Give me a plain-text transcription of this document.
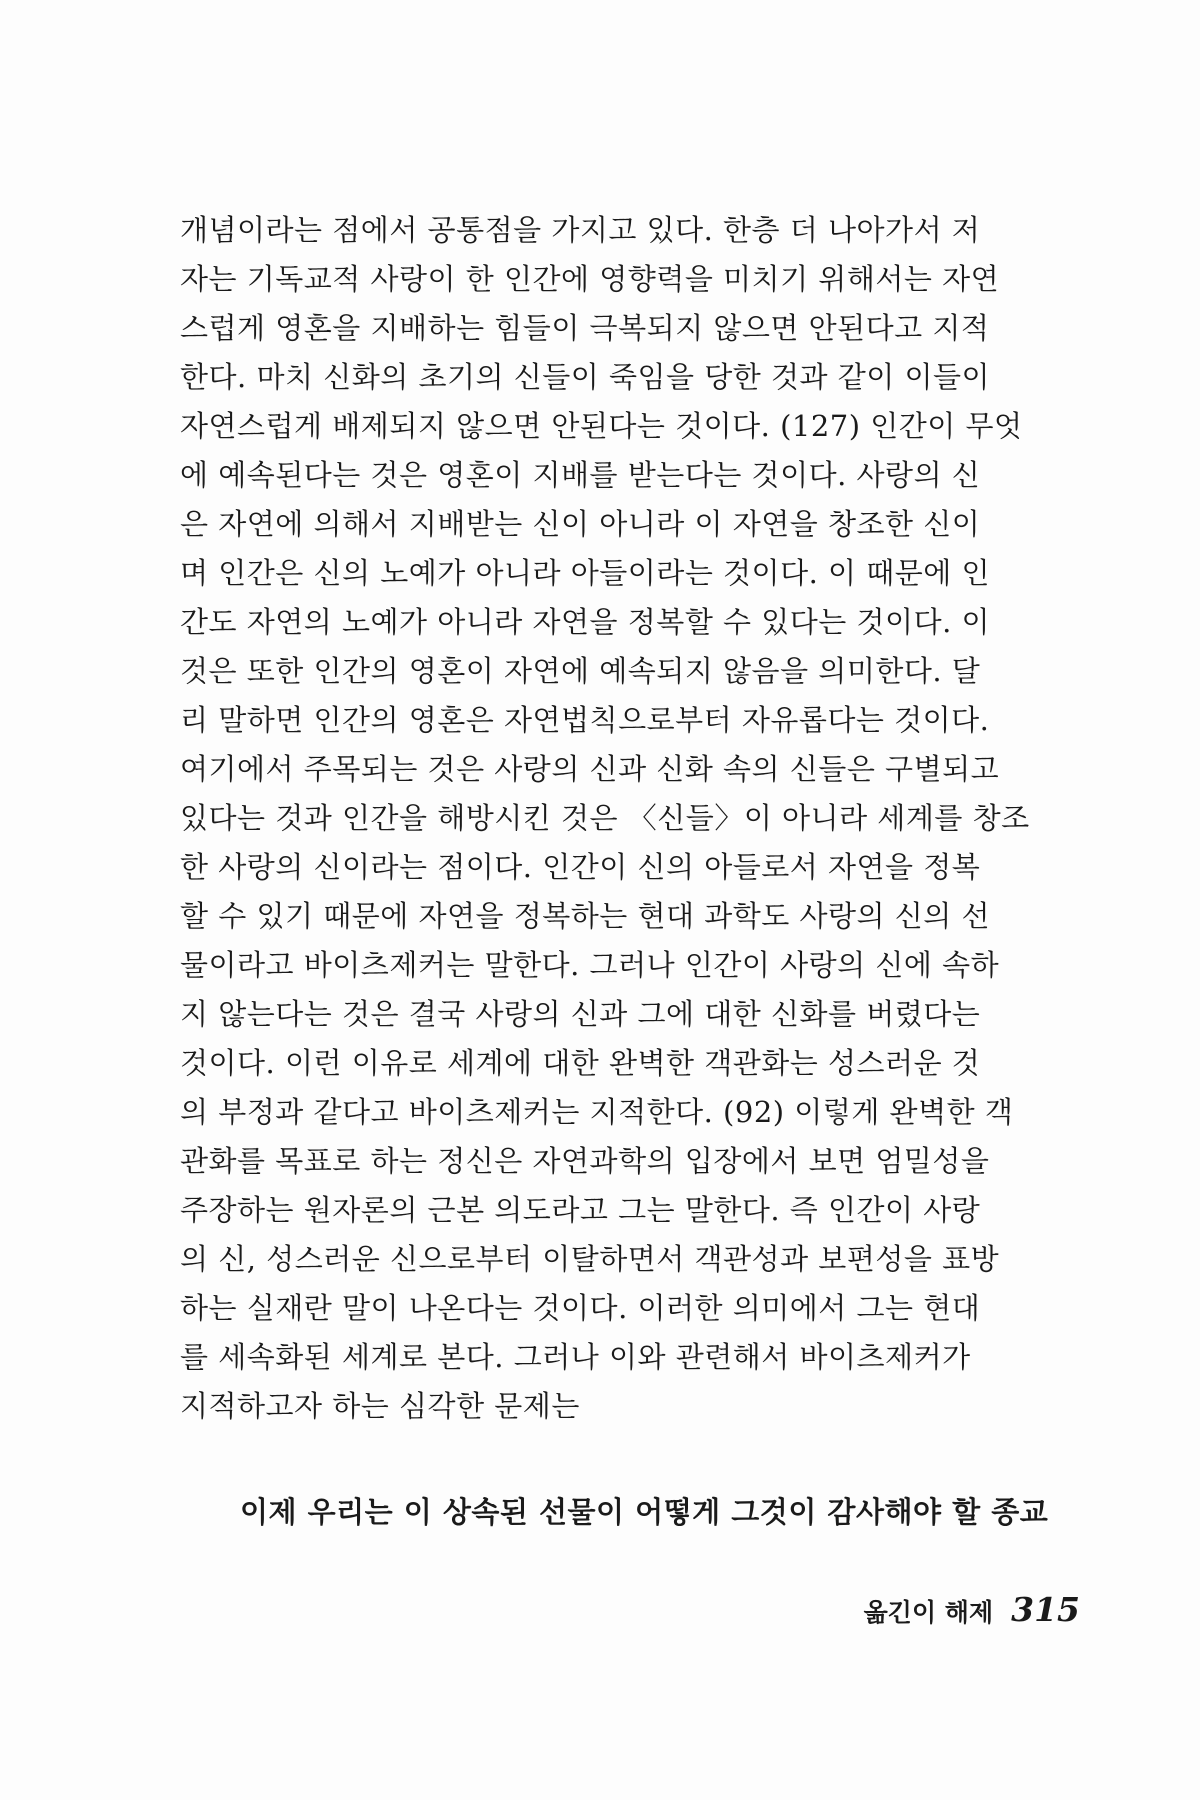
개념이라는 점에서 공통점을 가지고 있다. 한층 더 나아가서 저
자는 기독교적 사랑이 한 인간에 영향력을 미치기 위해서는 자연
스럽게 영혼을 지배하는 힘들이 극복되지 않으면 안된다고 지적
한다. 마치 신화의 초기의 신들이 죽임을 당한 것과 같이 이들이
자연스럽게 배제되지 않으면 안된다는 것이다. (127) 인간이 무엇
에 예속된다는 것은 영혼이 지배를 받는다는 것이다. 사랑의 신
은 자연에 의해서 지배받는 신이 아니라 이 자연을 창조한 신이
며 인간은 신의 노예가 아니라 아들이라는 것이다. 이 때문에 인
간도 자연의 노예가 아니라 자연을 정복할 수 있다는 것이다. 이
것은 또한 인간의 영혼이 자연에 예속되지 않음을 의미한다. 달
리 말하면 인간의 영혼은 자연법칙으로부터 자유롭다는 것이다.
여기에서 주목되는 것은 사랑의 신과 신화 속의 신들은 구별되고
있다는 것과 인간을 해방시킨 것은 〈신들〉이 아니라 세계를 창조
한 사랑의 신이라는 점이다. 인간이 신의 아들로서 자연을 정복
할 수 있기 때문에 자연을 정복하는 현대 과학도 사랑의 신의 선
물이라고 바이츠제커는 말한다. 그러나 인간이 사랑의 신에 속하
지 않는다는 것은 결국 사랑의 신과 그에 대한 신화를 버렸다는
것이다. 이런 이유로 세계에 대한 완벽한 객관화는 성스러운 것
의 부정과 같다고 바이츠제커는 지적한다. (92) 이렇게 완벽한 객
관화를 목표로 하는 정신은 자연과학의 입장에서 보면 엄밀성을
주장하는 원자론의 근본 의도라고 그는 말한다. 즉 인간이 사랑
의 신, 성스러운 신으로부터 이탈하면서 객관성과 보편성을 표방
하는 실재란 말이 나온다는 것이다. 이러한 의미에서 그는 현대
를 세속화된 세계로 본다. 그러나 이와 관련해서 바이츠제커가
지적하고자 하는 심각한 문제는
이제 우리는 이 상속된 선물이 어떻게 그것이 감사해야 할 종교
옮긴이 해제 315
